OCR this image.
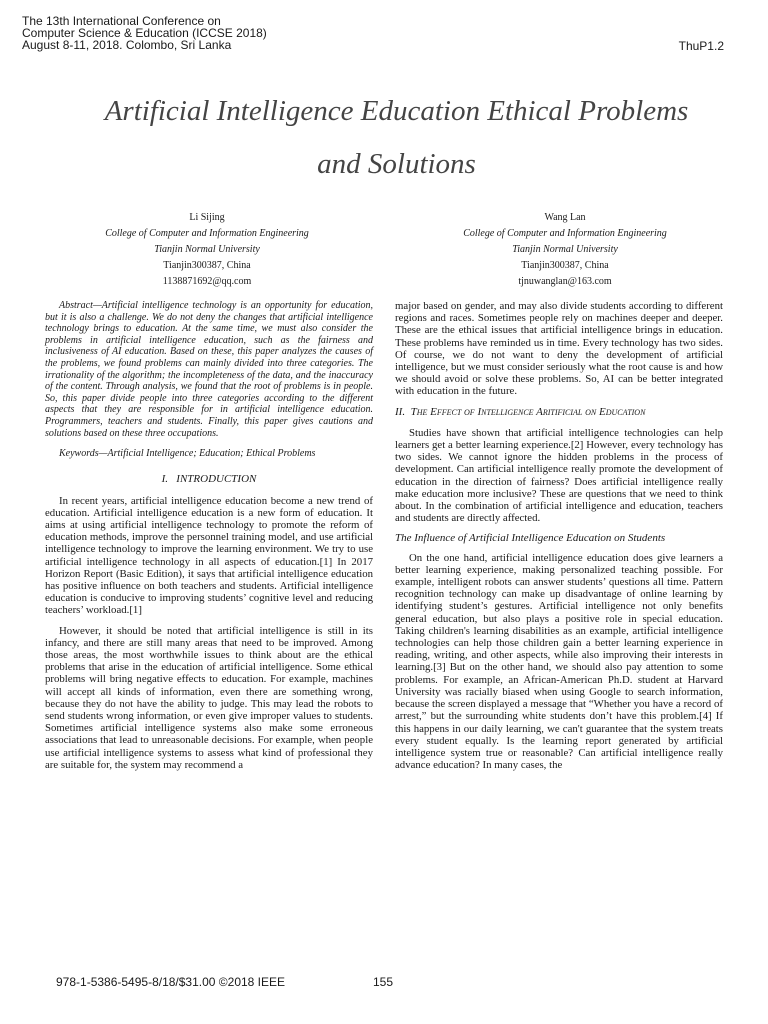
The 13th International Conference on
Computer Science & Education (ICCSE 2018)
August 8-11, 2018. Colombo, Sri Lanka	ThuP1.2
Artificial Intelligence Education Ethical Problems
and Solutions
Li Sijing
College of Computer and Information Engineering
Tianjin Normal University
Tianjin300387, China
1138871692@qq.com
Wang Lan
College of Computer and Information Engineering
Tianjin Normal University
Tianjin300387, China
tjnuwanglan@163.com

Abstract—Artificial intelligence technology is an opportunity for education, but it is also a challenge. We do not deny the changes that artificial intelligence technology brings to education. At the same time, we must also consider the problems in artificial intelligence education, such as the fairness and inclusiveness of AI education. Based on these, this paper analyzes the causes of the problems, we found problems can mainly divided into three categories. The irrationality of the algorithm; the incompleteness of the data, and the inaccuracy of the content. Through analysis, we found that the root of problems is in people. So, this paper divide people into three categories according to the different aspects that they are responsible for in artificial intelligence education. Programmers, teachers and students. Finally, this paper gives cautions and solutions based on these three occupations.

Keywords—Artificial Intelligence; Education; Ethical Problems

I. INTRODUCTION

In recent years, artificial intelligence education become a new trend of education. Artificial intelligence education is a new form of education. It aims at using artificial intelligence technology to promote the reform of education methods, improve the personnel training model, and use artificial intelligence technology to improve the learning environment. We try to use artificial intelligence technology in all aspects of education.[1] In 2017 Horizon Report (Basic Edition), it says that artificial intelligence education has positive influence on both teachers and students. Artificial intelligence education is conducive to improving students’ cognitive level and reducing teachers’ workload.[1]

However, it should be noted that artificial intelligence is still in its infancy, and there are still many areas that need to be improved. Among those areas, the most worthwhile issues to think about are the ethical problems that arise in the education of artificial intelligence. Some ethical problems will bring negative effects to education. For example, machines will accept all kinds of information, even there are something wrong, because they do not have the ability to judge. This may lead the robots to send students wrong information, or even give improper values to students. Sometimes artificial intelligence systems also make some erroneous associations that lead to unreasonable decisions. For example, when people use artificial intelligence systems to assess what kind of professional they are suitable for, the system may recommend a

major based on gender, and may also divide students according to different regions and races. Sometimes people rely on machines deeper and deeper. These are the ethical issues that artificial intelligence brings in education. These problems have reminded us in time. Every technology has two sides. Of course, we do not want to deny the development of artificial intelligence, but we must consider seriously what the root cause is and how we should avoid or solve these problems. So, AI can be better integrated with education in the future.

II. The Effect of Intelligence Aritificial on Education

Studies have shown that artificial intelligence technologies can help learners get a better learning experience.[2] However, every technology has two sides. We cannot ignore the hidden problems in the process of development. Can artificial intelligence really promote the development of education in the direction of fairness? Does artificial intelligence really make education more inclusive? These are questions that we need to think about. In the combination of artificial intelligence and education, teachers and students are directly affected.

The Influence of Artificial Intelligence Education on Students

On the one hand, artificial intelligence education does give learners a better learning experience, making personalized teaching possible. For example, intelligent robots can answer students’ questions all time. Pattern recognition technology can make up disadvantage of online learning by identifying student’s gestures. Artificial intelligence not only benefits general education, but also plays a positive role in special education. Taking children's learning disabilities as an example, artificial intelligence technologies can help those children gain a better learning experience in reading, writing, and other aspects, while also improving their interests in learning.[3] But on the other hand, we should also pay attention to some problems. For example, an African-American Ph.D. student at Harvard University was racially biased when using Google to search information, because the screen displayed a message that “Whether you have a record of arrest,” but the surrounding white students don’t have this problem.[4] If this happens in our daily learning, we can't guarantee that the system treats every student equally. Is the learning report generated by artificial intelligence system true or reasonable? Can artificial intelligence really advance education? In many cases, the

978-1-5386-5495-8/18/$31.00 ©2018 IEEE	155
